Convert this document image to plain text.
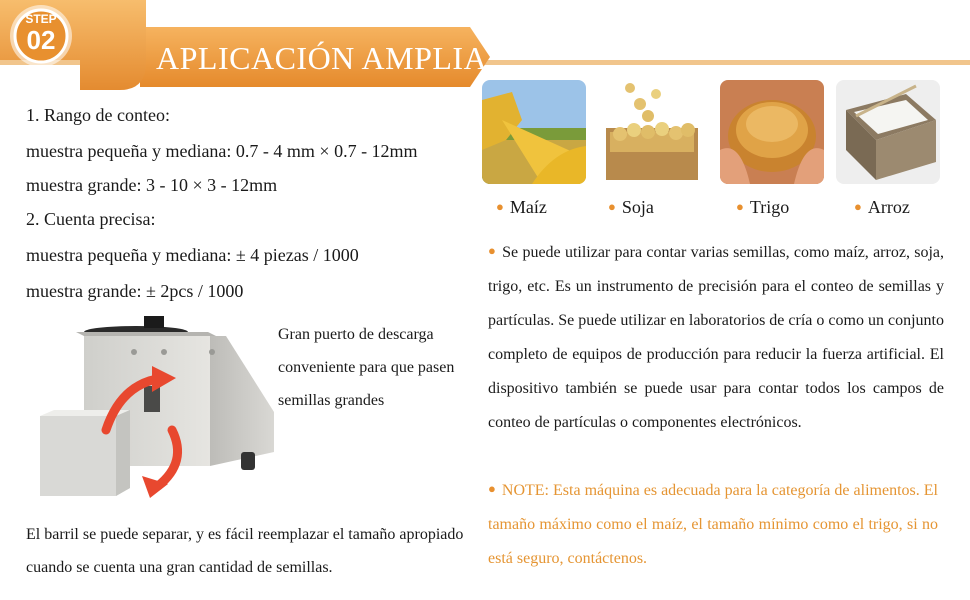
APLICACIÓN AMPLIA
STEP
02
1. Rango de conteo:
muestra pequeña y mediana: 0.7 - 4 mm × 0.7 - 12mm
muestra grande: 3 - 10 × 3 - 12mm
2. Cuenta precisa:
muestra pequeña y mediana: ± 4 piezas / 1000
muestra grande: ± 2pcs / 1000
Gran puerto de descarga conveniente para que pasen semillas grandes
El barril se puede separar, y es fácil reemplazar el tamaño apropiado cuando se cuenta una gran cantidad de semillas.
● Maíz	● Soja	● Trigo	● Arroz
● Se puede utilizar para contar varias semillas, como maíz, arroz, soja, trigo, etc. Es un instrumento de precisión para el conteo de semillas y partículas. Se puede utilizar en laboratorios de cría o como un conjunto completo de equipos de producción para reducir la fuerza artificial. El dispositivo también se puede usar para contar todos los campos de conteo de partículas o componentes electrónicos.
● NOTE: Esta máquina es adecuada para la categoría de alimentos. El tamaño máximo como el maíz, el tamaño mínimo como el trigo, si no está seguro, contáctenos.
